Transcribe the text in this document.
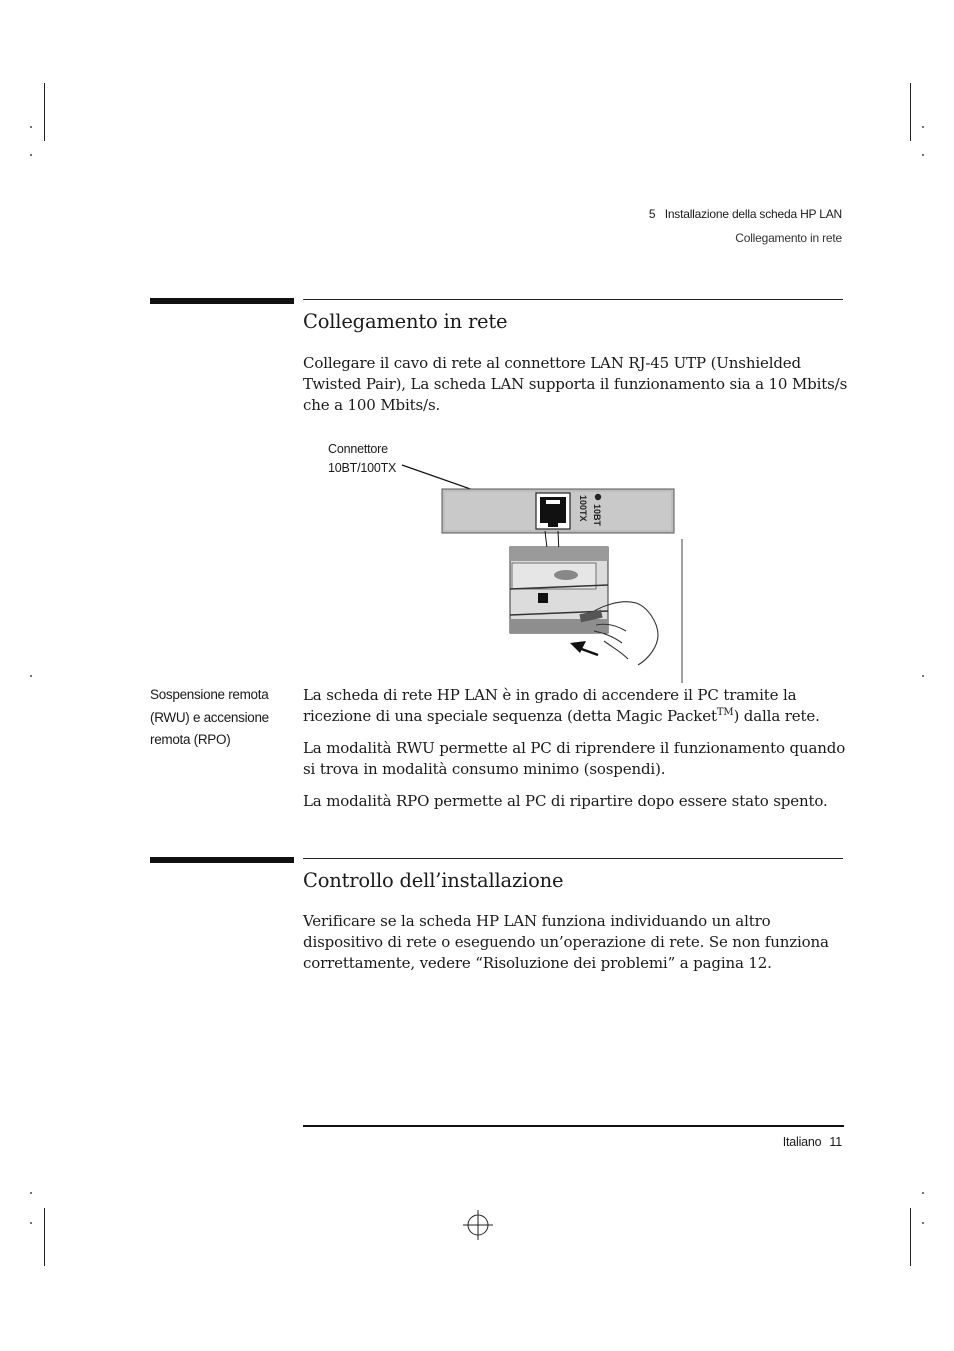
5   Installazione della scheda HP LAN
Collegamento in rete
Collegamento in rete

Collegare il cavo di rete al connettore LAN RJ-45 UTP (Unshielded Twisted Pair), La scheda LAN supporta il funzionamento sia a 10 Mbits/s che a 100 Mbits/s.

Connettore
10BT/100TX
10BT
100TX
Sospensione remota
(RWU) e accensione
remota (RPO)

La scheda di rete HP LAN è in grado di accendere il PC tramite la ricezione di una speciale sequenza (detta Magic Packet™) dalla rete.

La modalità RWU permette al PC di riprendere il funzionamento quando si trova in modalità consumo minimo (sospendi).

La modalità RPO permette al PC di ripartire dopo essere stato spento.

Controllo dell’installazione

Verificare se la scheda HP LAN funziona individuando un altro dispositivo di rete o eseguendo un’operazione di rete. Se non funziona correttamente, vedere “Risoluzione dei problemi” a pagina 12.

Italiano 11
